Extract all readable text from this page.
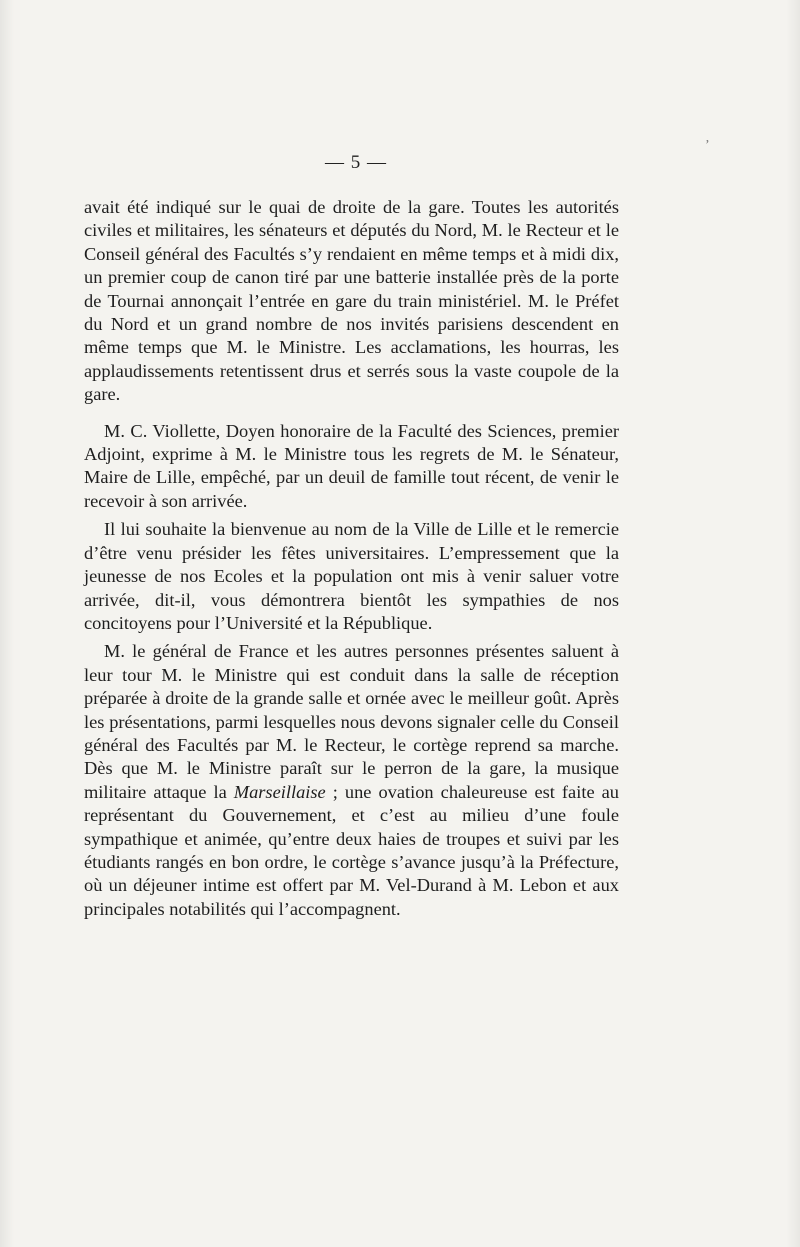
— 5 —

avait été indiqué sur le quai de droite de la gare. Toutes les autorités civiles et militaires, les sénateurs et députés du Nord, M. le Recteur et le Conseil général des Facultés s’y rendaient en même temps et à midi dix, un premier coup de canon tiré par une batterie installée près de la porte de Tournai annonçait l’entrée en gare du train ministériel. M. le Préfet du Nord et un grand nombre de nos invités parisiens descendent en même temps que M. le Ministre. Les acclamations, les hourras, les applaudissements retentissent drus et serrés sous la vaste coupole de la gare.

M. C. Viollette, Doyen honoraire de la Faculté des Sciences, premier Adjoint, exprime à M. le Ministre tous les regrets de M. le Sénateur, Maire de Lille, empêché, par un deuil de famille tout récent, de venir le recevoir à son arrivée.

Il lui souhaite la bienvenue au nom de la Ville de Lille et le remercie d’être venu présider les fêtes universitaires. L’empressement que la jeunesse de nos Ecoles et la population ont mis à venir saluer votre arrivée, dit-il, vous démontrera bientôt les sympathies de nos concitoyens pour l’Université et la République.

M. le général de France et les autres personnes présentes saluent à leur tour M. le Ministre qui est conduit dans la salle de réception préparée à droite de la grande salle et ornée avec le meilleur goût. Après les présentations, parmi lesquelles nous devons signaler celle du Conseil général des Facultés par M. le Recteur, le cortège reprend sa marche. Dès que M. le Ministre paraît sur le perron de la gare, la musique militaire attaque la Marseillaise ; une ovation chaleureuse est faite au représentant du Gouvernement, et c’est au milieu d’une foule sympathique et animée, qu’entre deux haies de troupes et suivi par les étudiants rangés en bon ordre, le cortège s’avance jusqu’à la Préfecture, où un déjeuner intime est offert par M. Vel-Durand à M. Lebon et aux principales notabilités qui l’accompagnent.

ʼ
